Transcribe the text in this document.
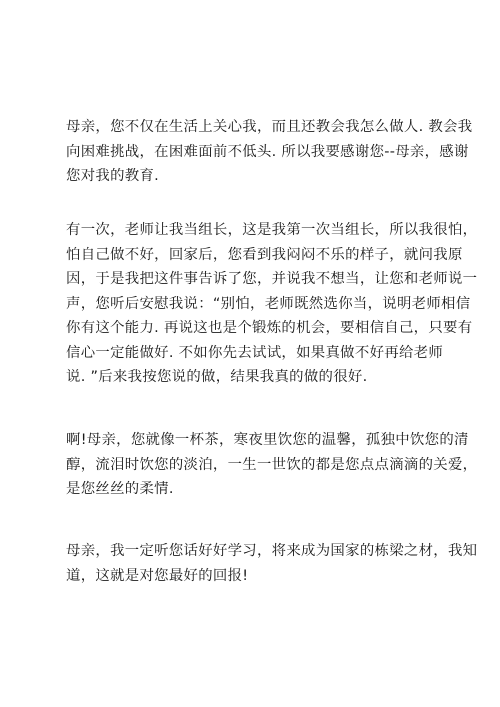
母亲，您不仅在生活上关心我，而且还教会我怎么做人. 教会我
向困难挑战，在困难面前不低头. 所以我要感谢您--母亲，感谢
您对我的教育.

有一次，老师让我当组长，这是我第一次当组长，所以我很怕，
怕自己做不好，回家后，您看到我闷闷不乐的样子，就问我原
因，于是我把这件事告诉了您，并说我不想当，让您和老师说一
声，您听后安慰我说：“别怕，老师既然选你当，说明老师相信
你有这个能力. 再说这也是个锻炼的机会，要相信自己，只要有
信心一定能做好. 不如你先去试试，如果真做不好再给老师
说. ”后来我按您说的做，结果我真的做的很好.

啊!母亲，您就像一杯茶，寒夜里饮您的温馨，孤独中饮您的清
醇，流泪时饮您的淡泊，一生一世饮的都是您点点滴滴的关爱，
是您丝丝的柔情.

母亲，我一定听您话好好学习，将来成为国家的栋梁之材，我知
道，这就是对您最好的回报!
